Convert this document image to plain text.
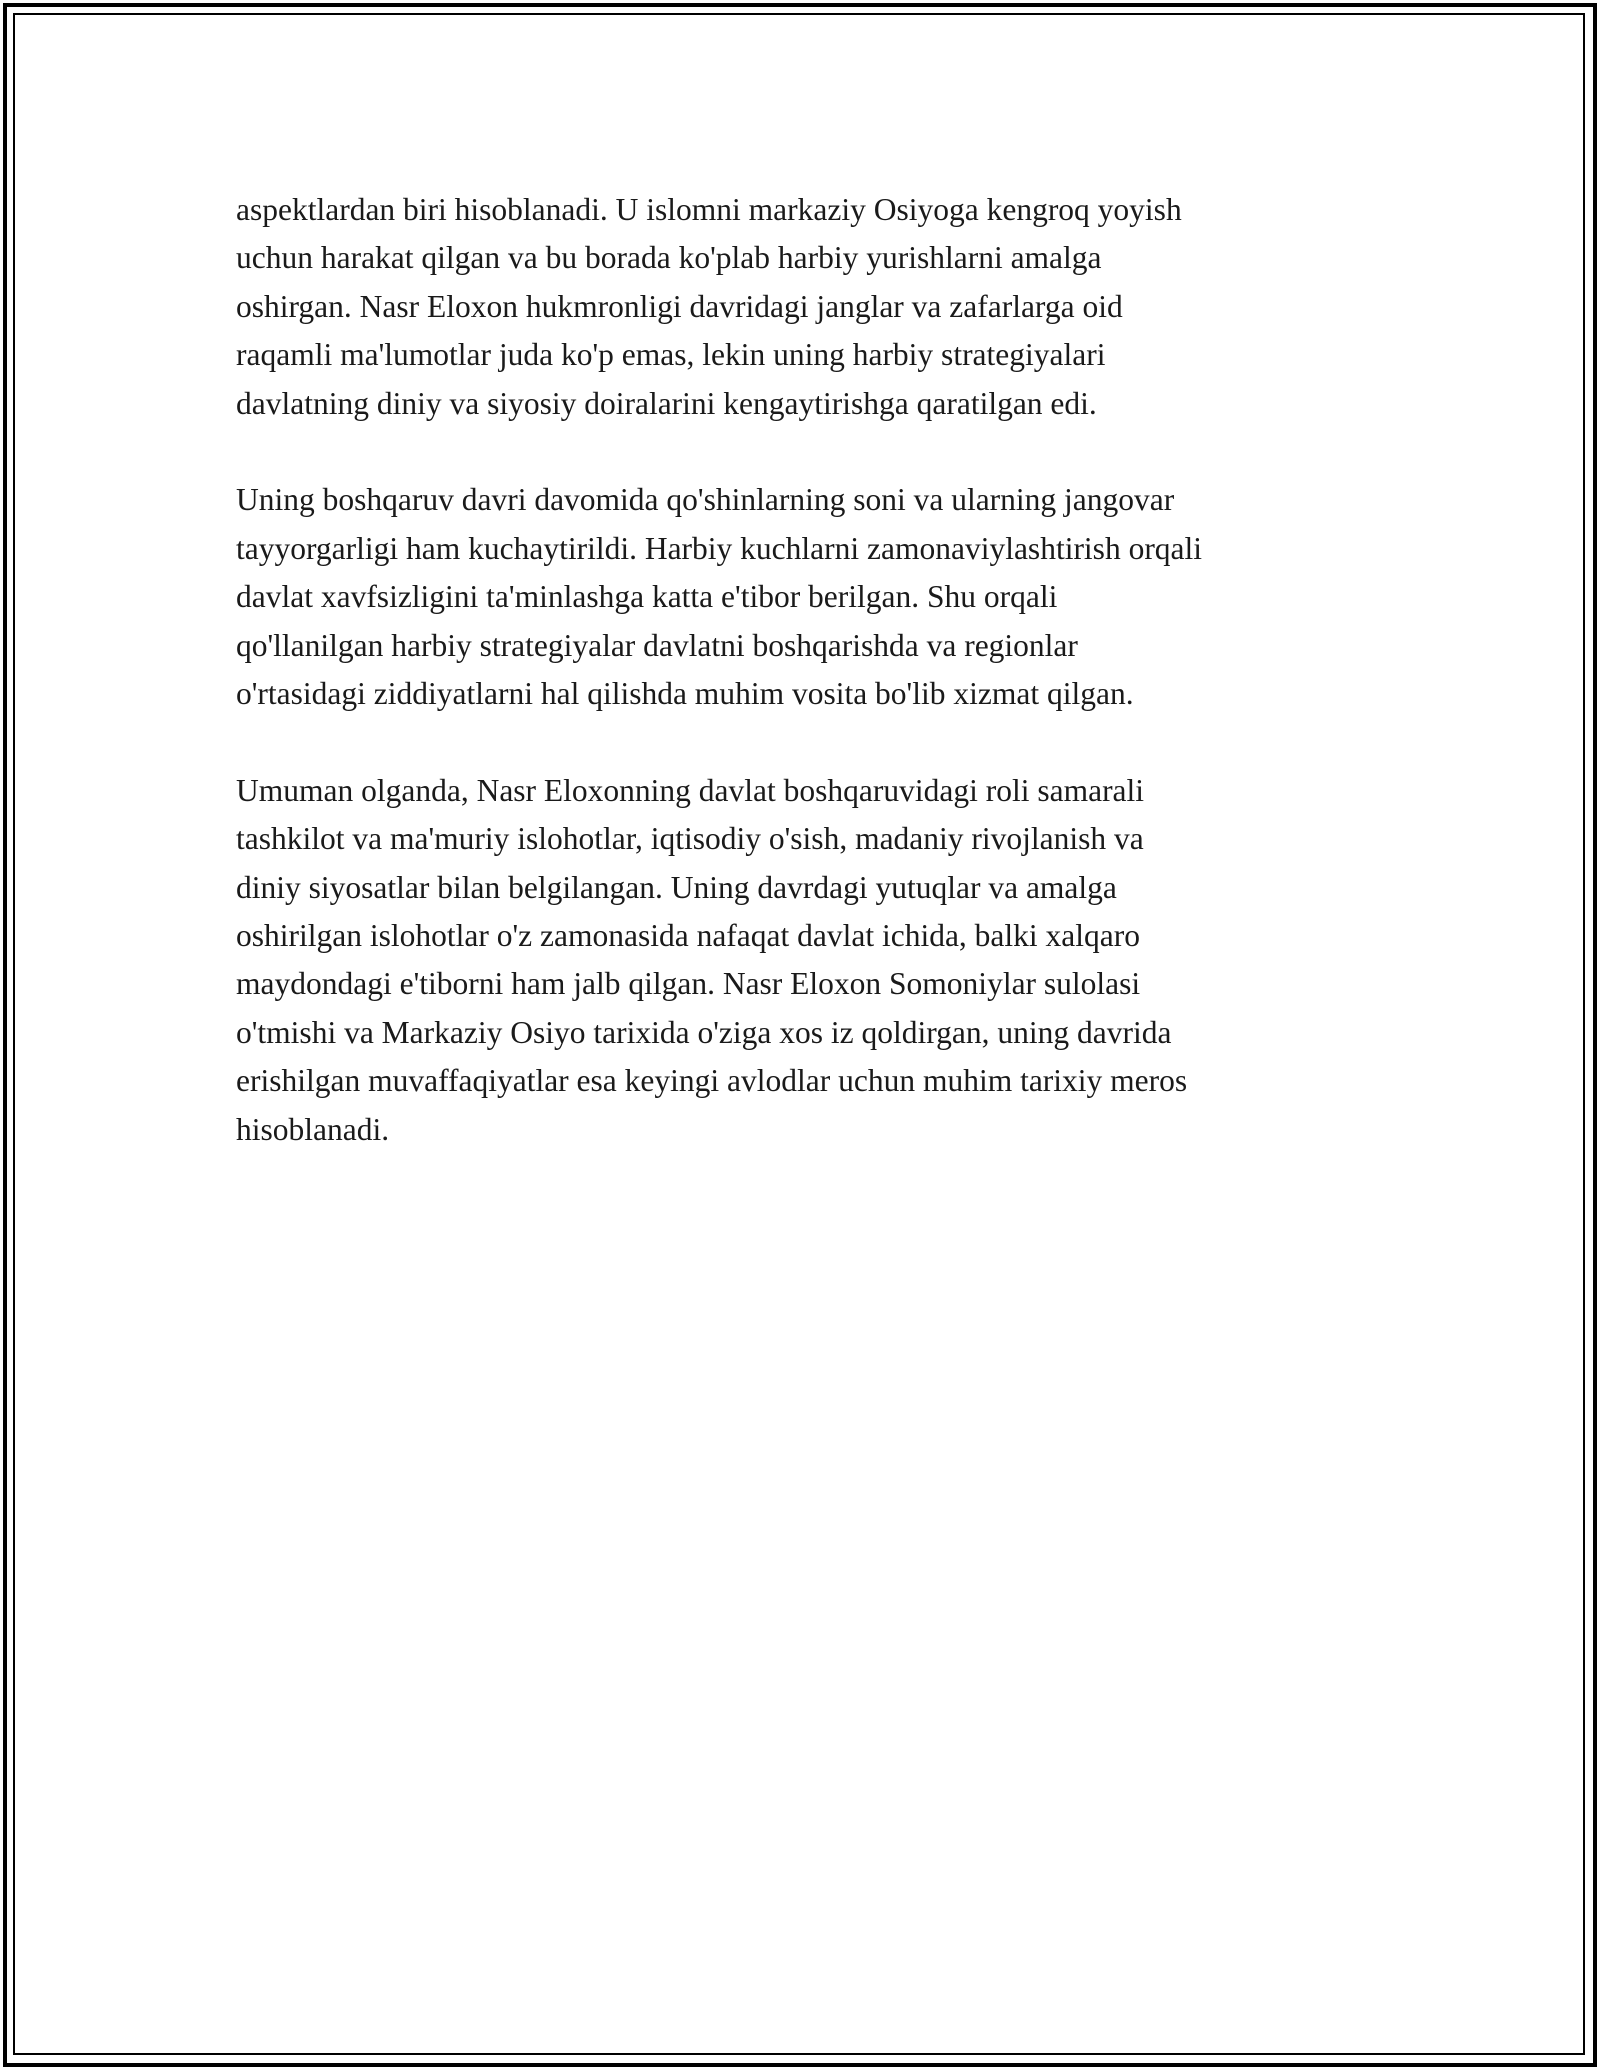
aspektlardan biri hisoblanadi. U islomni markaziy Osiyoga kengroq yoyish
uchun harakat qilgan va bu borada ko'plab harbiy yurishlarni amalga
oshirgan. Nasr Eloxon hukmronligi davridagi janglar va zafarlarga oid
raqamli ma'lumotlar juda ko'p emas, lekin uning harbiy strategiyalari
davlatning diniy va siyosiy doiralarini kengaytirishga qaratilgan edi.

Uning boshqaruv davri davomida qo'shinlarning soni va ularning jangovar
tayyorgarligi ham kuchaytirildi. Harbiy kuchlarni zamonaviylashtirish orqali
davlat xavfsizligini ta'minlashga katta e'tibor berilgan. Shu orqali
qo'llanilgan harbiy strategiyalar davlatni boshqarishda va regionlar
o'rtasidagi ziddiyatlarni hal qilishda muhim vosita bo'lib xizmat qilgan.

Umuman olganda, Nasr Eloxonning davlat boshqaruvidagi roli samarali
tashkilot va ma'muriy islohotlar, iqtisodiy o'sish, madaniy rivojlanish va
diniy siyosatlar bilan belgilangan. Uning davrdagi yutuqlar va amalga
oshirilgan islohotlar o'z zamonasida nafaqat davlat ichida, balki xalqaro
maydondagi e'tiborni ham jalb qilgan. Nasr Eloxon Somoniylar sulolasi
o'tmishi va Markaziy Osiyo tarixida o'ziga xos iz qoldirgan, uning davrida
erishilgan muvaffaqiyatlar esa keyingi avlodlar uchun muhim tarixiy meros
hisoblanadi.
